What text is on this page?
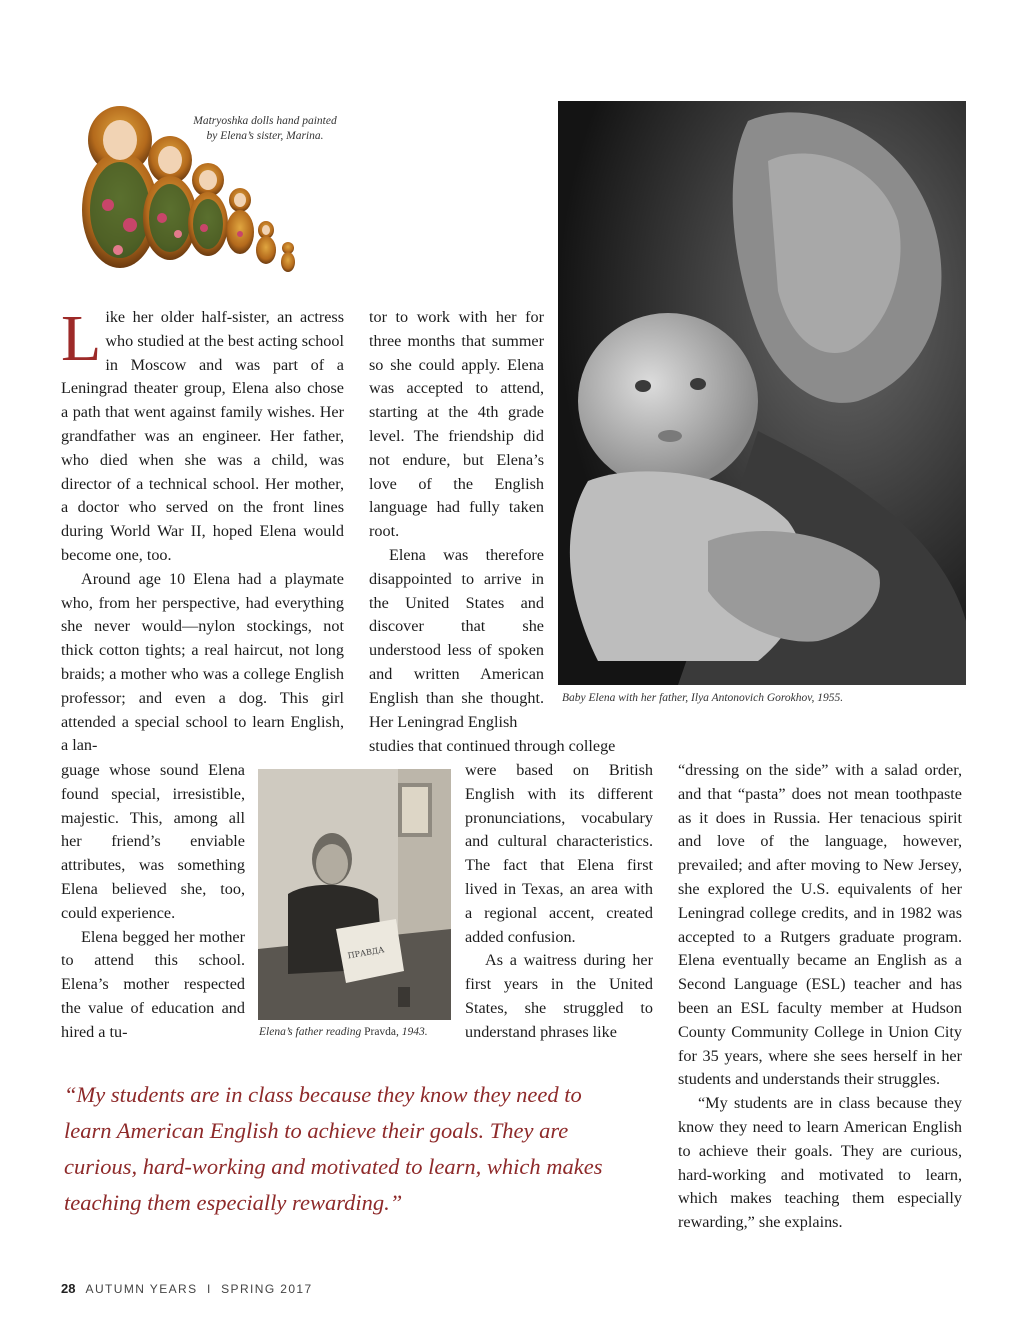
Matryoshka dolls hand painted
by Elena’s sister, Marina.
Baby Elena with her father, Ilya Antonovich Gorokhov, 1955.
ПРАВДА
Elena’s father reading Pravda, 1943.

Like her older half-sister, an actress who studied at the best acting school in Moscow and was part of a Leningrad theater group, Elena also chose a path that went against family wishes. Her grandfather was an engineer. Her father, who died when she was a child, was director of a technical school. Her mother, a doctor who served on the front lines during World War II, hoped Elena would become one, too.

Around age 10 Elena had a playmate who, from her perspective, had everything she never would—nylon stockings, not thick cotton tights; a real haircut, not long braids; a mother who was a college English professor; and even a dog. This girl attended a special school to learn English, a lan-

guage whose sound Elena found special, irresistible, majestic. This, among all her friend’s enviable attributes, was something Elena believed she, too, could experience.

Elena begged her mother to attend this school. Elena’s mother respected the value of education and hired a tu-

tor to work with her for three months that summer so she could apply. Elena was accepted to attend, starting at the 4th grade level. The friendship did not endure, but Elena’s love of the English language had fully taken root.

Elena was therefore disappointed to arrive in the United States and discover that she understood less of spoken and written American English than she thought. Her Leningrad English

studies that continued through college

were based on British English with its different pronunciations, vocabulary and cultural characteristics. The fact that Elena first lived in Texas, an area with a regional accent, created added confusion.

As a waitress during her first years in the United States, she struggled to understand phrases like

“dressing on the side” with a salad order, and that “pasta” does not mean toothpaste as it does in Russia. Her tenacious spirit and love of the language, however, prevailed; and after moving to New Jersey, she explored the U.S. equivalents of her Leningrad college credits, and in 1982 was accepted to a Rutgers graduate program. Elena eventually became an English as a Second Language (ESL) teacher and has been an ESL faculty member at Hudson County Community College in Union City for 35 years, where she sees herself in her students and understands their struggles.

“My students are in class because they know they need to learn American English to achieve their goals. They are curious, hard-working and motivated to learn, which makes teaching them especially rewarding,” she explains.

“My students are in class because they know they need to learn American English to achieve their goals. They are curious, hard-working and motivated to learn, which makes teaching them especially rewarding.”
28 AUTUMN YEARS  I  SPRING 2017
